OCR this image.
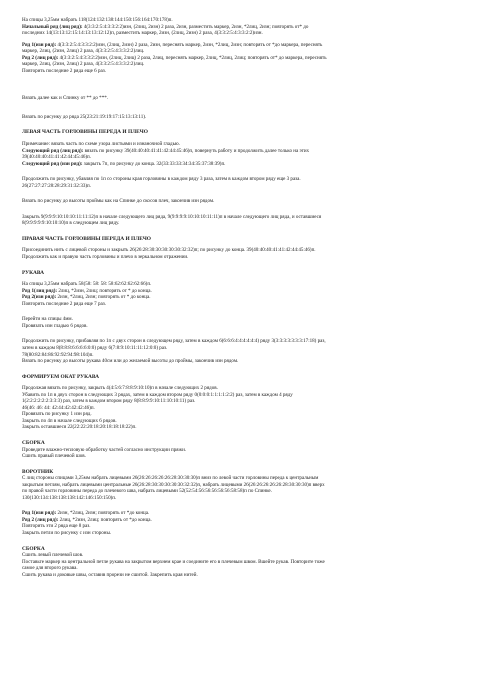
На спицы 3,25мм набрать 118(124:132:138:144:150:156:164:170:178)п.

Начальный ряд (лиц ряд): 4(3:3:2:5:4:3:3:2:2)изн, (2лиц, 2изн) 2 раза, 2изн, разместить маркер, 2изн, *2лиц, 2изн; повторять от* до

последних 14(13:13:12:15:14:13:13:12:12)п, разместить маркер, 2изн, (2лиц, 2изн) 2 раза, 4(3:3:2:5:4:3:3:2:2)изн.

Ряд 1(изн ряд): 4(3:3:2:5:4:3:3:2:2)изн, (2лиц, 2изн) 2 раза, 2изн, переснять маркер, 2изн, *2лиц, 2изн; повторять от *до маркера, переснять

маркер, 2лиц, (2изн, 2лиц) 2 раза, 4(3:3:2:5:4:3:3:2:2)лиц.

Ряд 2 (лиц ряд): 4(3:3:2:5:4:3:3:2:2)изн, (2лиц, 2лиц) 2 раза, 2лиц, переснять маркер, 2лиц, *2лиц, 2лиц; повторять от* до маркера, переснять

маркер, 2лиц, (2изн, 2лиц) 2 раза, 4(3:3:2:5:4:3:3:2:2)лиц.

Повторить последние 2 ряда еще 6 раз.

Вязать далее как и Спинку от ** до ***.

Вязать по рисунку до ряда 25(23:21:19:19:17:15:13:13:11).

ЛЕВАЯ ЧАСТЬ ГОРЛОВИНЫ ПЕРЕДА И ПЛЕЧО

Примечание: вязать часть по схеме узора листьями и изнаночной гладью.

Следующий ряд (лиц ряд): вязать по рисунку 39(40:40:40:41:41:42:44:45:46)п, повернуть работу и продолжить далее только на этих

39(40:40:40:41:41:42:44:45:46)п.

Следующий ряд (изн ряд): закрыть 7п, по рисунку до конца. 32(33:33:33:34:34:35:37:38:39)п.

Продолжить по рисунку, убавляя по 1п со стороны края горловины в каждом ряду 3 раза, затем в каждом втором ряду еще 3 раза.

26(27:27:27:28:28:29:31:32:33)п.

Вязать по рисунку до высоты проймы как на Спинке до скосов плеч, закончив изн рядом.

Закрыть 9(9:9:9:10:10:10:11:11:12)п в начале следующего лиц ряда, 9(9:9:9:9:10:10:10:11:11)п в начале следующего лиц ряда, и оставшиеся

8(9:9:9:9:9:10:10:10)п в следующем лиц ряду.

ПРАВАЯ ЧАСТЬ ГОРЛОВИНЫ ПЕРЕДА И ПЛЕЧО

Присоединить нить с лицевой стороны и закрыть 26(26:28:30:30:30:30:30:32:32)п; по рисунку до конца. 39(40:40:40:41:41:42:44:45:46)п.

Продолжить как и правую часть горловины и плечо в зеркальном отражении.

РУКАВА

На спицы 3,25мм набрать 58(58: 58: 58: 58:62:62:62:62:66)п.

Ряд 1(лиц ряд): 2лиц, *2изн, 2лиц; повторять от * до конца.

Ряд 2(изн ряд): 2изн, *2лиц, 2изн; повторять от * до конца.

Повторить последние 2 ряда еще 7 раз.

Перейти на спицы 4мм.

Провязать изн гладью 6 рядов.

Продолжить по рисунку, прибавляя по 1п с двух сторон в следующем ряду, затем в каждом 6(6:6:6:4:4:4:4:4:4) ряду 3(3:3:3:3:3:3:3:17:18) раз,

затем в каждом 8(8:8:8:6:6:6:6:0:0) ряду 6(7:8:9:10:11:11:12:0:0) раз.

78(80:82:84:86:92:92:94:98:104)п.

Вязать по рисунку до высоты рукава 40см или до желаемой высоты до проймы, закончив изн рядом.

ФОРМИРУЕМ ОКАТ РУКАВА

Продолжая вязать по рисунку, закрыть 4(4:5:6:7:8:8:9:10:10)п в начале следующих 2 рядов.

Убавить по 1п в двух сторон в следующих 3 рядах, затем в каждом втором ряду 0(0:0:0:1:1:1:1:2:2) раз, затем в каждом 4 ряду

1(2:2:2:2:2:2:3:3:3) раз, затем в каждом втором ряду 8(8:8:9:9:10:11:10:10:11) раз.

46(46: 46: 44: 42:44:42:42:42:46)п.

Провязать по рисунку 1 изн ряд.

Закрыть по 4п в начале следующих 6 рядов.

Закрыть оставшиеся 22(22:22:20:18:20:18:18:18:22)п.

СБОРКА

Проведите влажно-тепловую обработку частей согласно инструкции пряжи.

Сшить правый плечевой шов.

ВОРОТНИК

С лиц стороны спицами 3,25мм набрать лицевыми 26(26:26:26:26:26:28:30:30:30)п вниз по левой части горловины переда к центральным

закрытым петлям, набрать лицевыми центральные 26(26:28:30:30:30:30:30:32:32)п, набрать лицевыми 26(26:26:26:26:26:28:30:30:30)п вверх

по правой части горловины переда до плечевого шва, набрать лицевыми 52(52:54:56:56:56:56:56:58:58)п по Спинке.

130(130:134:138:138:138:142:146:150:150)п.

Ряд 1(изн ряд): 2изн, *2лиц, 2изн; повторять от *до конца.

Ряд 2 (лиц ряд): 2лиц, *2изн, 2лиц; повторять от *до конца.

Повторить эти 2 ряда еще 8 раз.

Закрыть петли по рисунку с изн стороны.

СБОРКА

Сшить левый плечевой шов.

Поставьте маркер на центральной петле рукава на закрытом верхнем крае и соедините его в плечевым швом. Вшейте рукав. Повторите тоже

самое для второго рукава.

Сшить рукава и доковые швы, оставив прорези не сшитой. Закрепить края нитей.
